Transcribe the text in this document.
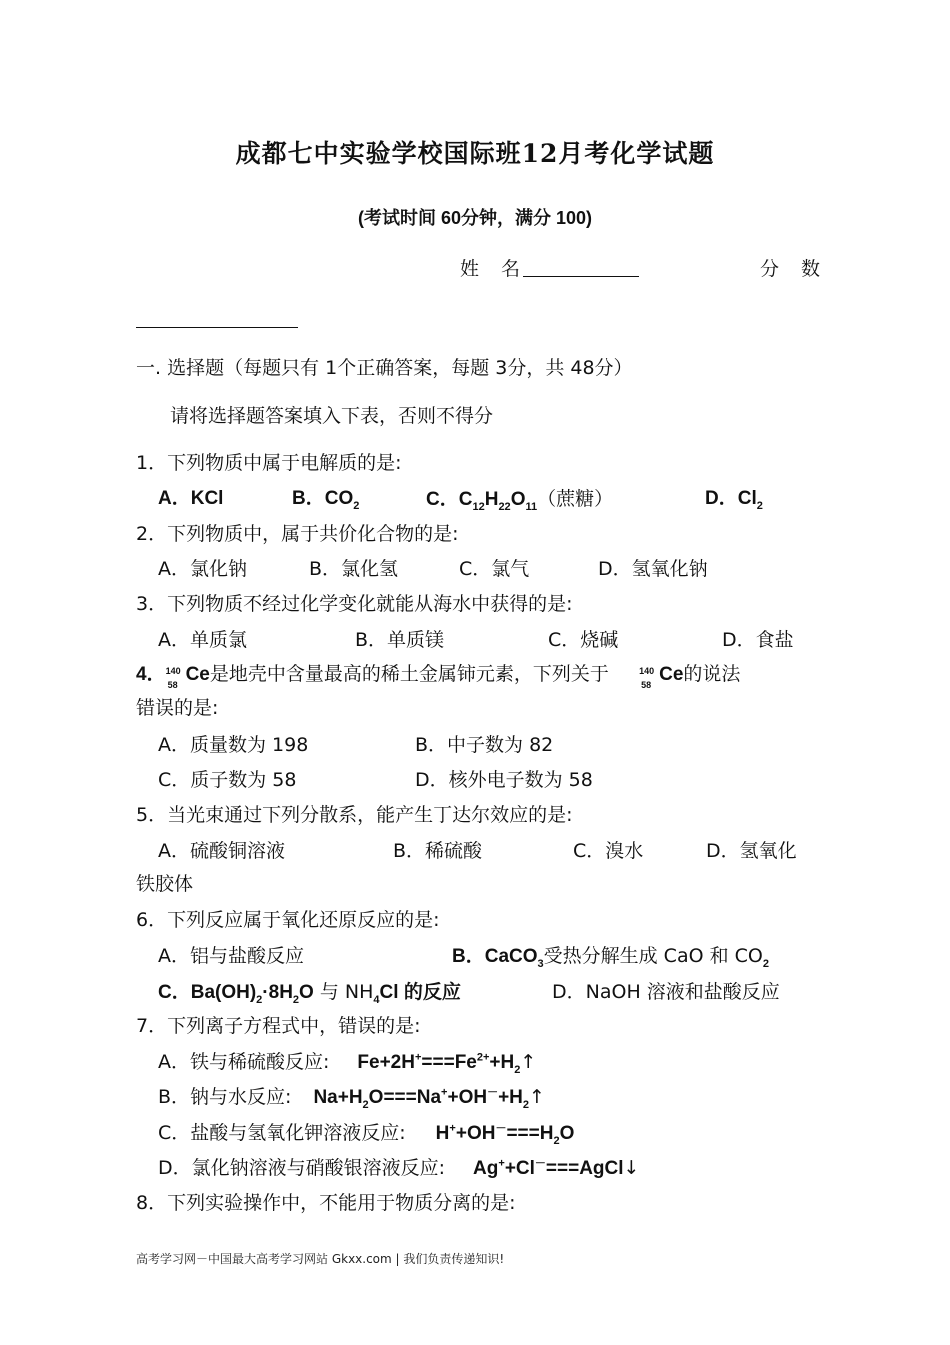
成都七中实验学校国际班12月考化学试题
(考试时间 60分钟，满分 100)
姓 名	分 数
一. 选择题（每题只有 1个正确答案，每题 3分，共 48分）
请将选择题答案填入下表，否则不得分
1．下列物质中属于电解质的是:
A．KCl	B．$CO_2$	C．$C_{12}H_{22}O_{11}$（蔗糖）	D．$Cl_2$
2．下列物质中，属于共价化合物的是:
A．氯化钠	B．氯化氢	C．氯气	D．氢氧化钠
3．下列物质不经过化学变化就能从海水中获得的是:
A．单质氯	B．单质镁	C．烧碱	D．食盐
4． 140
58 Ce是地壳中含量最高的稀土金属铈元素，下列关于	140
58 Ce的说法
错误的是:
A．质量数为 198	B．中子数为 82
C．质子数为 58	D．核外电子数为 58
5．当光束通过下列分散系，能产生丁达尔效应的是:
A．硫酸铜溶液	B．稀硫酸	C．溴水	D．氢氧化
铁胶体
6．下列反应属于氧化还原反应的是:
A．铝与盐酸反应	B．CaCO$_3$受热分解生成 CaO 和 $CO_2$
C．$Ba(OH)_2\cdot 8H_2O$ 与 $NH_4Cl$ 的反应	D．NaOH 溶液和盐酸反应
7．下列离子方程式中，错误的是:
A．铁与稀硫酸反应: $Fe+2H^+===Fe^{2+}+H_2↑$
B．钠与水反应: $Na+H_2O===Na^++OH^-+H_2↑$
C．盐酸与氢氧化钾溶液反应: $H^++OH^-===H_2O$
D．氯化钠溶液与硝酸银溶液反应: Ag++Cl－===AgCl↓
8．下列实验操作中，不能用于物质分离的是:
高考学习网－中国最大高考学习网站 Gkxx.com | 我们负责传递知识!
